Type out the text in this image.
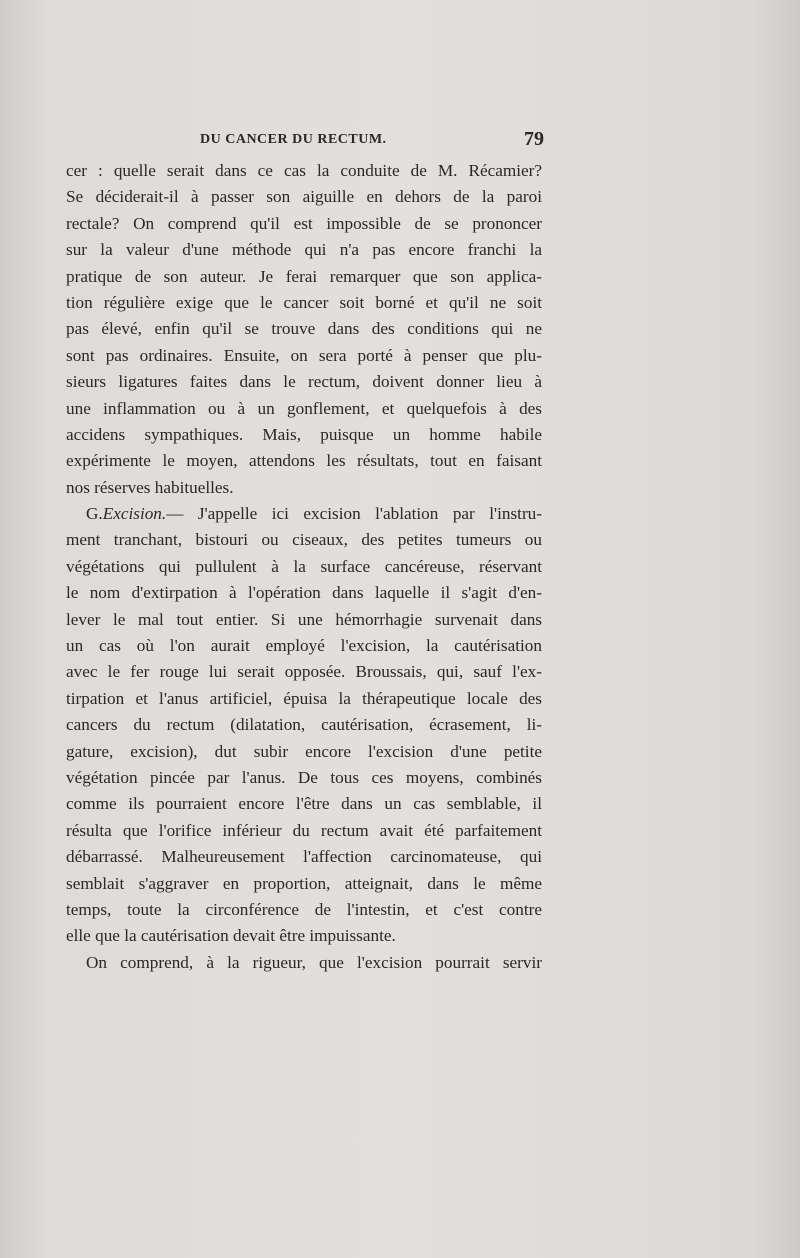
DU CANCER DU RECTUM.	79
cer : quelle serait dans ce cas la conduite de M. Récamier?
Se déciderait-il à passer son aiguille en dehors de la paroi
rectale? On comprend qu'il est impossible de se prononcer
sur la valeur d'une méthode qui n'a pas encore franchi la
pratique de son auteur. Je ferai remarquer que son applica-
tion régulière exige que le cancer soit borné et qu'il ne soit
pas élevé, enfin qu'il se trouve dans des conditions qui ne
sont pas ordinaires. Ensuite, on sera porté à penser que plu-
sieurs ligatures faites dans le rectum, doivent donner lieu à
une inflammation ou à un gonflement, et quelquefois à des
accidens sympathiques. Mais, puisque un homme habile
expérimente le moyen, attendons les résultats, tout en faisant
nos réserves habituelles.
G.Excision.— J'appelle ici excision l'ablation par l'instru-
ment tranchant, bistouri ou ciseaux, des petites tumeurs ou
végétations qui pullulent à la surface cancéreuse, réservant
le nom d'extirpation à l'opération dans laquelle il s'agit d'en-
lever le mal tout entier. Si une hémorrhagie survenait dans
un cas où l'on aurait employé l'excision, la cautérisation
avec le fer rouge lui serait opposée. Broussais, qui, sauf l'ex-
tirpation et l'anus artificiel, épuisa la thérapeutique locale des
cancers du rectum (dilatation, cautérisation, écrasement, li-
gature, excision), dut subir encore l'excision d'une petite
végétation pincée par l'anus. De tous ces moyens, combinés
comme ils pourraient encore l'être dans un cas semblable, il
résulta que l'orifice inférieur du rectum avait été parfaitement
débarrassé. Malheureusement l'affection carcinomateuse, qui
semblait s'aggraver en proportion, atteignait, dans le même
temps, toute la circonférence de l'intestin, et c'est contre
elle que la cautérisation devait être impuissante.
On comprend, à la rigueur, que l'excision pourrait servir
